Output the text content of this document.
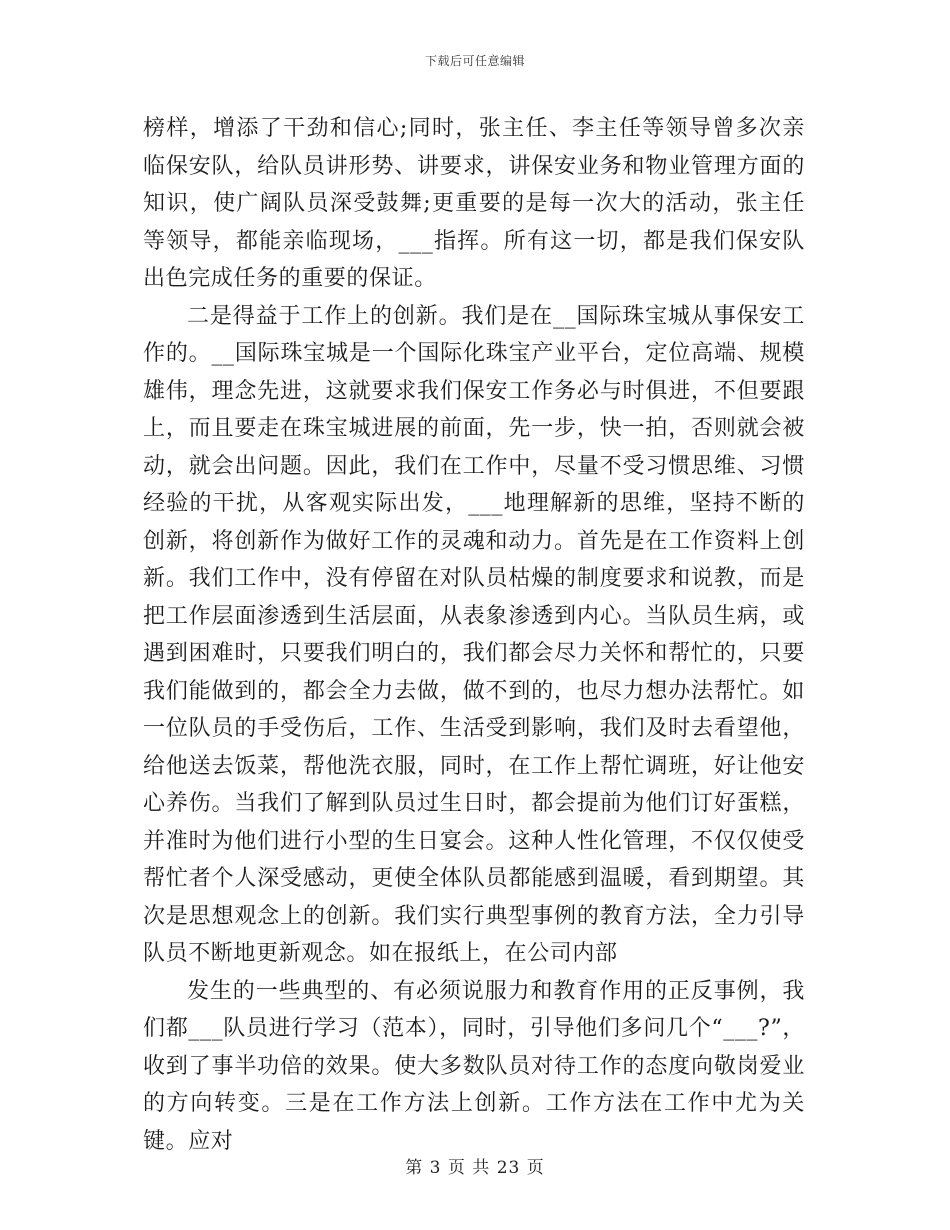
下载后可任意编辑

榜样，增添了干劲和信心;同时，张主任、李主任等领导曾多次亲临保安队，给队员讲形势、讲要求，讲保安业务和物业管理方面的知识，使广阔队员深受鼓舞;更重要的是每一次大的活动，张主任等领导，都能亲临现场，___指挥。所有这一切，都是我们保安队出色完成任务的重要的保证。

二是得益于工作上的创新。我们是在__国际珠宝城从事保安工作的。__国际珠宝城是一个国际化珠宝产业平台，定位高端、规模雄伟，理念先进，这就要求我们保安工作务必与时俱进，不但要跟上，而且要走在珠宝城进展的前面，先一步，快一拍，否则就会被动，就会出问题。因此，我们在工作中，尽量不受习惯思维、习惯经验的干扰，从客观实际出发，___地理解新的思维，坚持不断的创新，将创新作为做好工作的灵魂和动力。首先是在工作资料上创新。我们工作中，没有停留在对队员枯燥的制度要求和说教，而是把工作层面渗透到生活层面，从表象渗透到内心。当队员生病，或遇到困难时，只要我们明白的，我们都会尽力关怀和帮忙的，只要我们能做到的，都会全力去做，做不到的，也尽力想办法帮忙。如一位队员的手受伤后，工作、生活受到影响，我们及时去看望他，给他送去饭菜，帮他洗衣服，同时，在工作上帮忙调班，好让他安心养伤。当我们了解到队员过生日时，都会提前为他们订好蛋糕，并准时为他们进行小型的生日宴会。这种人性化管理，不仅仅使受帮忙者个人深受感动，更使全体队员都能感到温暖，看到期望。其次是思想观念上的创新。我们实行典型事例的教育方法，全力引导队员不断地更新观念。如在报纸上，在公司内部

发生的一些典型的、有必须说服力和教育作用的正反事例，我们都___队员进行学习（范本），同时，引导他们多问几个“___?”，收到了事半功倍的效果。使大多数队员对待工作的态度向敬岗爱业的方向转变。三是在工作方法上创新。工作方法在工作中尤为关键。应对

第 3 页 共 23 页
